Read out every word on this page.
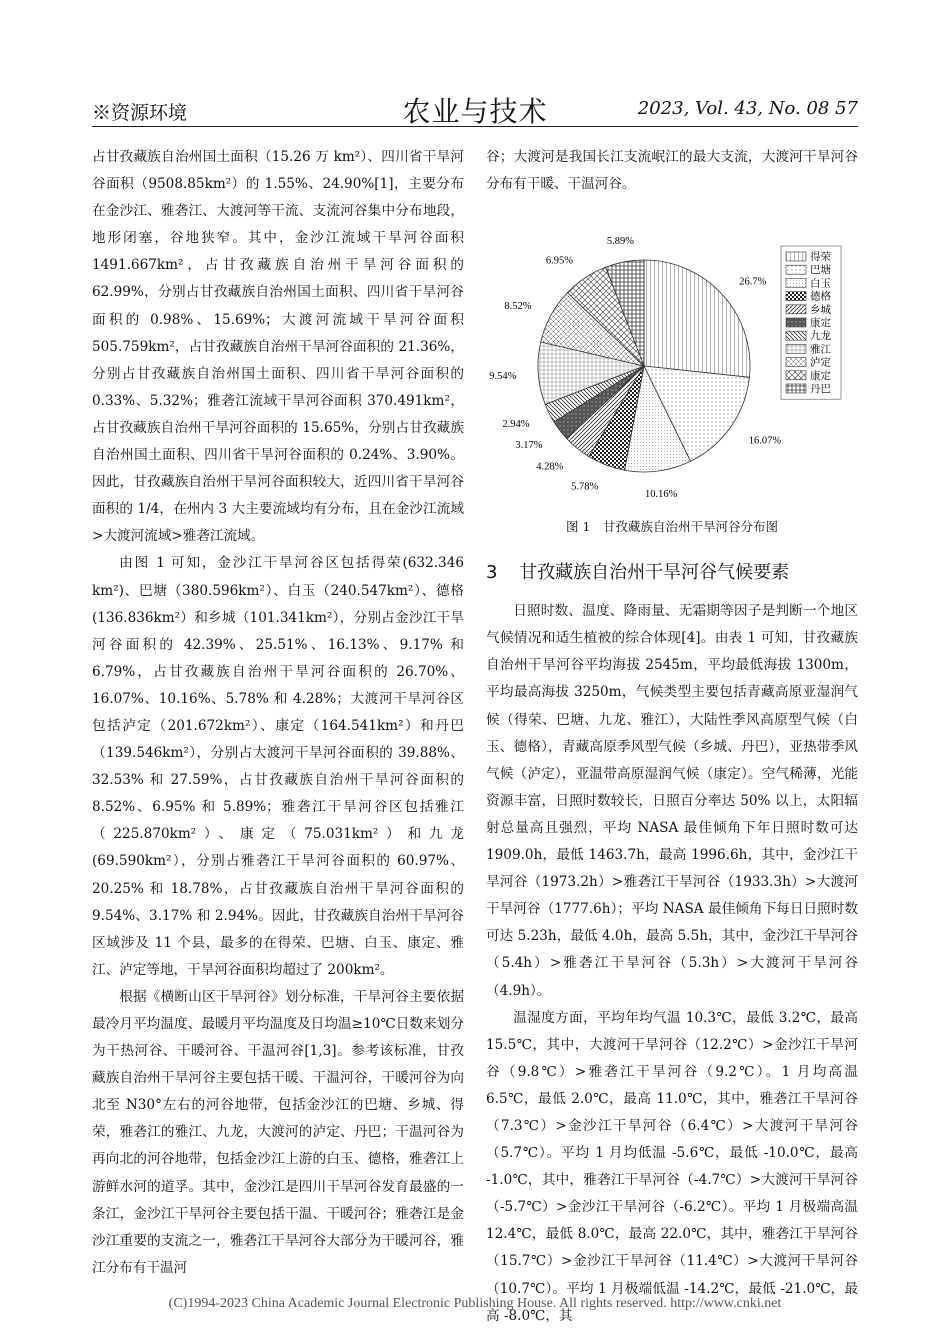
※资源环境	农业与技术	2023, Vol. 43, No. 08 57

占甘孜藏族自治州国土面积（15.26 万 km²）、四川省干旱河谷面积（9508.85km²）的 1.55%、24.90%[1]，主要分布在金沙江、雅砻江、大渡河等干流、支流河谷集中分布地段，地形闭塞，谷地狭窄。其中，金沙江流域干旱河谷面积 1491.667km²，占甘孜藏族自治州干旱河谷面积的 62.99%，分别占甘孜藏族自治州国土面积、四川省干旱河谷面积的 0.98%、15.69%；大渡河流域干旱河谷面积 505.759km²，占甘孜藏族自治州干旱河谷面积的 21.36%，分别占甘孜藏族自治州国土面积、四川省干旱河谷面积的 0.33%、5.32%；雅砻江流域干旱河谷面积 370.491km²，占甘孜藏族自治州干旱河谷面积的 15.65%，分别占甘孜藏族自治州国土面积、四川省干旱河谷面积的 0.24%、3.90%。因此，甘孜藏族自治州干旱河谷面积较大，近四川省干旱河谷面积的 1/4，在州内 3 大主要流域均有分布，且在金沙江流域>大渡河流域>雅砻江流域。

由图 1 可知，金沙江干旱河谷区包括得荣(632.346 km²)、巴塘（380.596km²）、白玉（240.547km²）、德格(136.836km²）和乡城（101.341km²），分别占金沙江干旱河谷面积的 42.39%、25.51%、16.13%、9.17% 和 6.79%，占甘孜藏族自治州干旱河谷面积的 26.70%、16.07%、10.16%、5.78% 和 4.28%；大渡河干旱河谷区包括泸定（201.672km²）、康定（164.541km²）和丹巴（139.546km²），分别占大渡河干旱河谷面积的 39.88%、32.53% 和 27.59%，占甘孜藏族自治州干旱河谷面积的 8.52%、6.95% 和 5.89%；雅砻江干旱河谷区包括雅江（225.870km²）、康定（75.031km²）和九龙(69.590km²），分别占雅砻江干旱河谷面积的 60.97%、20.25% 和 18.78%，占甘孜藏族自治州干旱河谷面积的 9.54%、3.17% 和 2.94%。因此，甘孜藏族自治州干旱河谷区域涉及 11 个县，最多的在得荣、巴塘、白玉、康定、雅江、泸定等地，干旱河谷面积均超过了 200km²。

根据《横断山区干旱河谷》划分标准，干旱河谷主要依据最冷月平均温度、最暖月平均温度及日均温≥10℃日数来划分为干热河谷、干暖河谷、干温河谷[1,3]。参考该标准，甘孜藏族自治州干旱河谷主要包括干暖、干温河谷，干暖河谷为向北至 N30°左右的河谷地带，包括金沙江的巴塘、乡城、得荣，雅砻江的雅江、九龙，大渡河的泸定、丹巴；干温河谷为再向北的河谷地带，包括金沙江上游的白玉、德格，雅砻江上游鲜水河的道孚。其中，金沙江是四川干旱河谷发育最盛的一条江，金沙江干旱河谷主要包括干温、干暖河谷；雅砻江是金沙江重要的支流之一，雅砻江干旱河谷大部分为干暖河谷，雅江分布有干温河

谷；大渡河是我国长江支流岷江的最大支流，大渡河干旱河谷分布有干暖、干温河谷。

26.7%
16.07%
10.16%
5.78%
4.28%
3.17%
2.94%
9.54%
8.52%
6.95%
5.89%
得荣
巴塘
白玉
德格
乡城
康定
九龙
雅江
泸定
康定
丹巴
图 1　甘孜藏族自治州干旱河谷分布图
3 甘孜藏族自治州干旱河谷气候要素

日照时数、温度、降雨量、无霜期等因子是判断一个地区气候情况和适生植被的综合体现[4]。由表 1 可知，甘孜藏族自治州干旱河谷平均海拔 2545m，平均最低海拔 1300m，平均最高海拔 3250m，气候类型主要包括青藏高原亚湿润气候（得荣、巴塘、九龙、雅江），大陆性季风高原型气候（白玉、德格），青藏高原季风型气候（乡城、丹巴），亚热带季风气候（泸定），亚温带高原湿润气候（康定）。空气稀薄，光能资源丰富，日照时数较长，日照百分率达 50% 以上，太阳辐射总量高且强烈，平均 NASA 最佳倾角下年日照时数可达 1909.0h，最低 1463.7h，最高 1996.6h，其中，金沙江干旱河谷（1973.2h）>雅砻江干旱河谷（1933.3h）>大渡河干旱河谷（1777.6h）；平均 NASA 最佳倾角下每日日照时数可达 5.23h，最低 4.0h，最高 5.5h，其中，金沙江干旱河谷（5.4h）>雅砻江干旱河谷（5.3h）>大渡河干旱河谷（4.9h）。

温湿度方面，平均年均气温 10.3℃，最低 3.2℃，最高 15.5℃，其中，大渡河干旱河谷（12.2℃）>金沙江干旱河谷（9.8℃）>雅砻江干旱河谷（9.2℃）。1 月均高温 6.5℃，最低 2.0℃，最高 11.0℃，其中，雅砻江干旱河谷（7.3℃）>金沙江干旱河谷（6.4℃）>大渡河干旱河谷（5.7℃）。平均 1 月均低温 -5.6℃，最低 -10.0℃，最高 -1.0℃，其中，雅砻江干旱河谷（-4.7℃）>大渡河干旱河谷（-5.7℃）>金沙江干旱河谷（-6.2℃）。平均 1 月极端高温 12.4℃，最低 8.0℃，最高 22.0℃，其中，雅砻江干旱河谷（15.7℃）>金沙江干旱河谷（11.4℃）>大渡河干旱河谷（10.7℃）。平均 1 月极端低温 -14.2℃，最低 -21.0℃，最高 -8.0℃，其

(C)1994-2023 China Academic Journal Electronic Publishing House. All rights reserved. http://www.cnki.net
